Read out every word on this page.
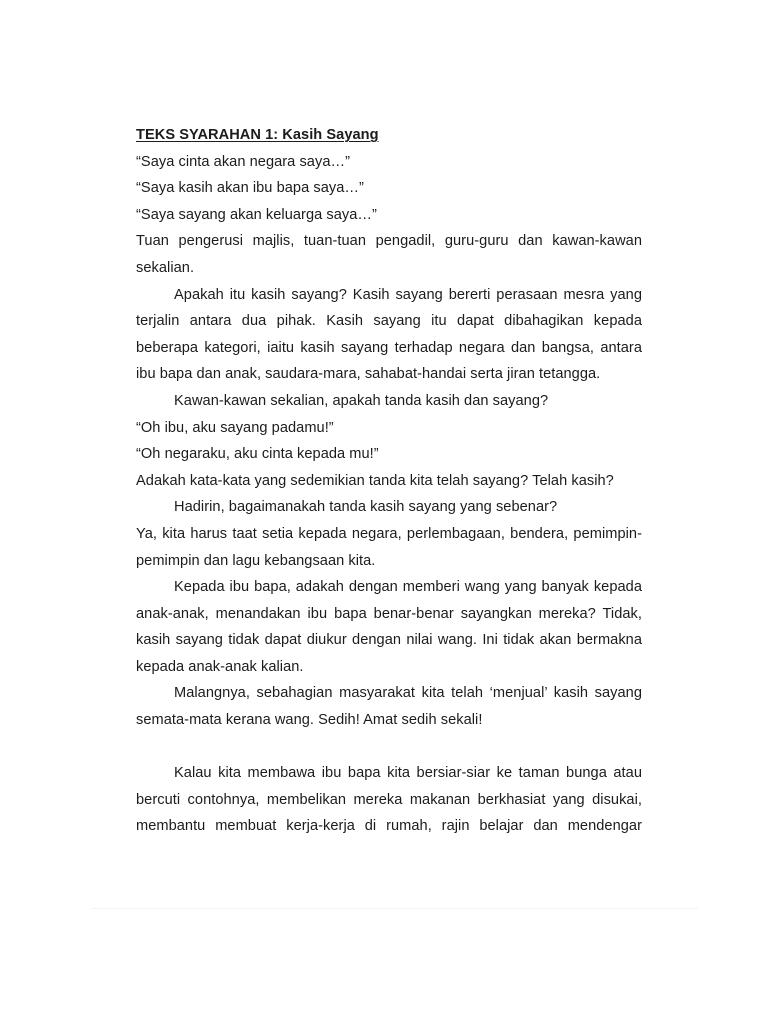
TEKS SYARAHAN 1: Kasih Sayang
“Saya cinta akan negara saya…”
“Saya kasih akan ibu bapa saya…”
“Saya sayang akan keluarga saya…”
Tuan pengerusi majlis, tuan-tuan pengadil, guru-guru dan kawan-kawan
sekalian.
Apakah itu kasih sayang? Kasih sayang bererti perasaan mesra yang
terjalin antara dua pihak. Kasih sayang itu dapat dibahagikan kepada
beberapa kategori, iaitu kasih sayang terhadap negara dan bangsa, antara
ibu bapa dan anak, saudara-mara, sahabat-handai serta jiran tetangga.
Kawan-kawan sekalian, apakah tanda kasih dan sayang?
“Oh ibu, aku sayang padamu!”
“Oh negaraku, aku cinta kepada mu!”
Adakah kata-kata yang sedemikian tanda kita telah sayang? Telah kasih?
Hadirin, bagaimanakah tanda kasih sayang yang sebenar?
Ya, kita harus taat setia kepada negara, perlembagaan, bendera, pemimpin-
pemimpin dan lagu kebangsaan kita.
Kepada ibu bapa, adakah dengan memberi wang yang banyak kepada
anak-anak, menandakan ibu bapa benar-benar sayangkan mereka? Tidak,
kasih sayang tidak dapat diukur dengan nilai wang. Ini tidak akan bermakna
kepada anak-anak kalian.
Malangnya, sebahagian masyarakat kita telah ‘menjual’ kasih sayang
semata-mata kerana wang. Sedih! Amat sedih sekali!
Kalau kita membawa ibu bapa kita bersiar-siar ke taman bunga atau
bercuti contohnya, membelikan mereka makanan berkhasiat yang disukai,
membantu membuat kerja-kerja di rumah, rajin belajar dan mendengar
